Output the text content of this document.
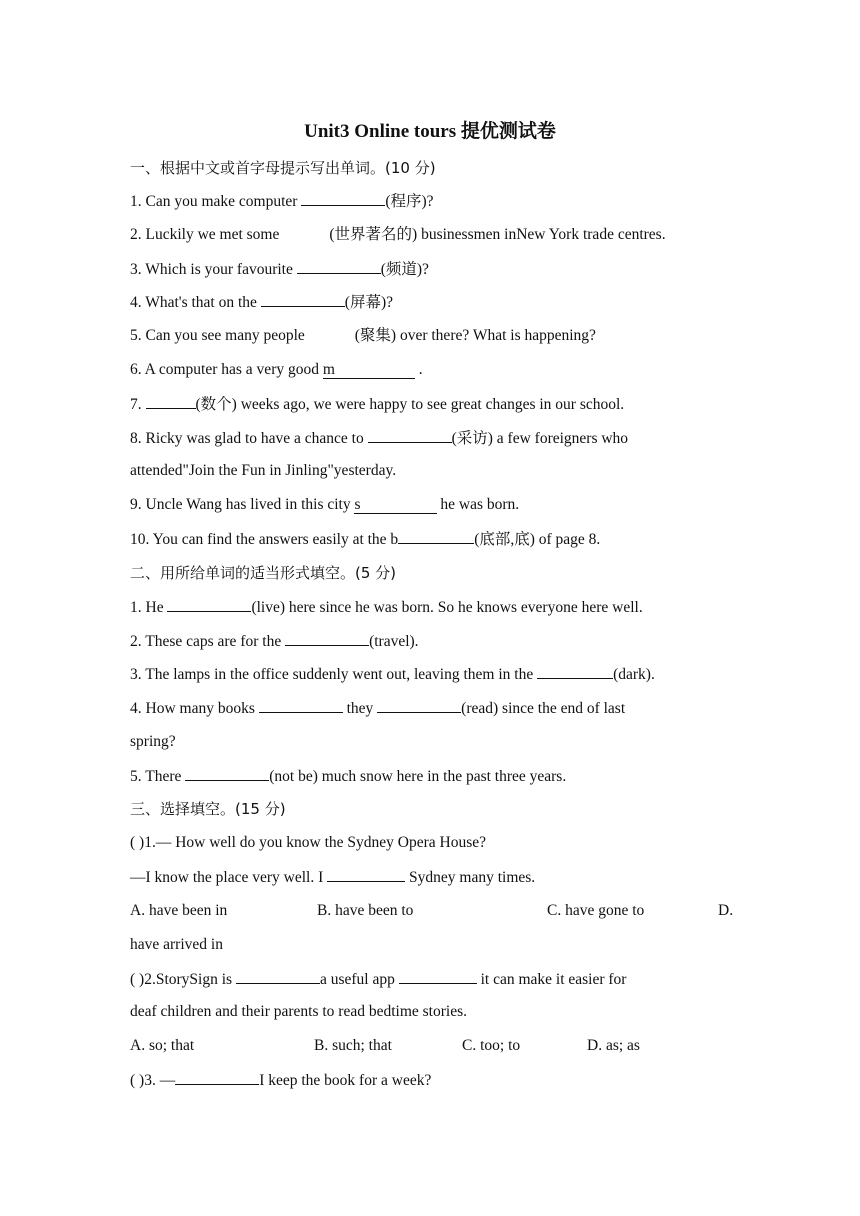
Unit3 Online tours 提优测试卷
一、根据中文或首字母提示写出单词。(10 分)
1. Can you make computer	(程序)?
2. Luckily we met some	(世界著名的) businessmen inNew York trade centres.
3. Which is your favourite	(频道)?
4. What's that on the	(屏幕)?
5. Can you see many people	(聚集) over there? What is happening?
6. A computer has a very good m	.
7.	(数个) weeks ago, we were happy to see great changes in our school.
8. Ricky was glad to have a chance to	(采访) a few foreigners who
attended"Join the Fun in Jinling"yesterday.
9. Uncle Wang has lived in this city s	he was born.
10. You can find the answers easily at the b	(底部,底) of page 8.
二、用所给单词的适当形式填空。(5 分)
1. He	(live) here since he was born. So he knows everyone here well.
2. These caps are for the	(travel).
3. The lamps in the office suddenly went out, leaving them in the	(dark).
4. How many books	they	(read) since the end of last
spring?
5. There	(not be) much snow here in the past three years.
三、选择填空。(15 分)
( )1.— How well do you know the Sydney Opera House?
—I know the place very well. I	Sydney many times.
A. have been in	B. have been to	C. have gone to	D.
have arrived in
( )2.StorySign is	a useful app	it can make it easier for
deaf children and their parents to read bedtime stories.
A. so; that	B. such; that	C. too; to	D. as; as
( )3. —	I keep the book for a week?
